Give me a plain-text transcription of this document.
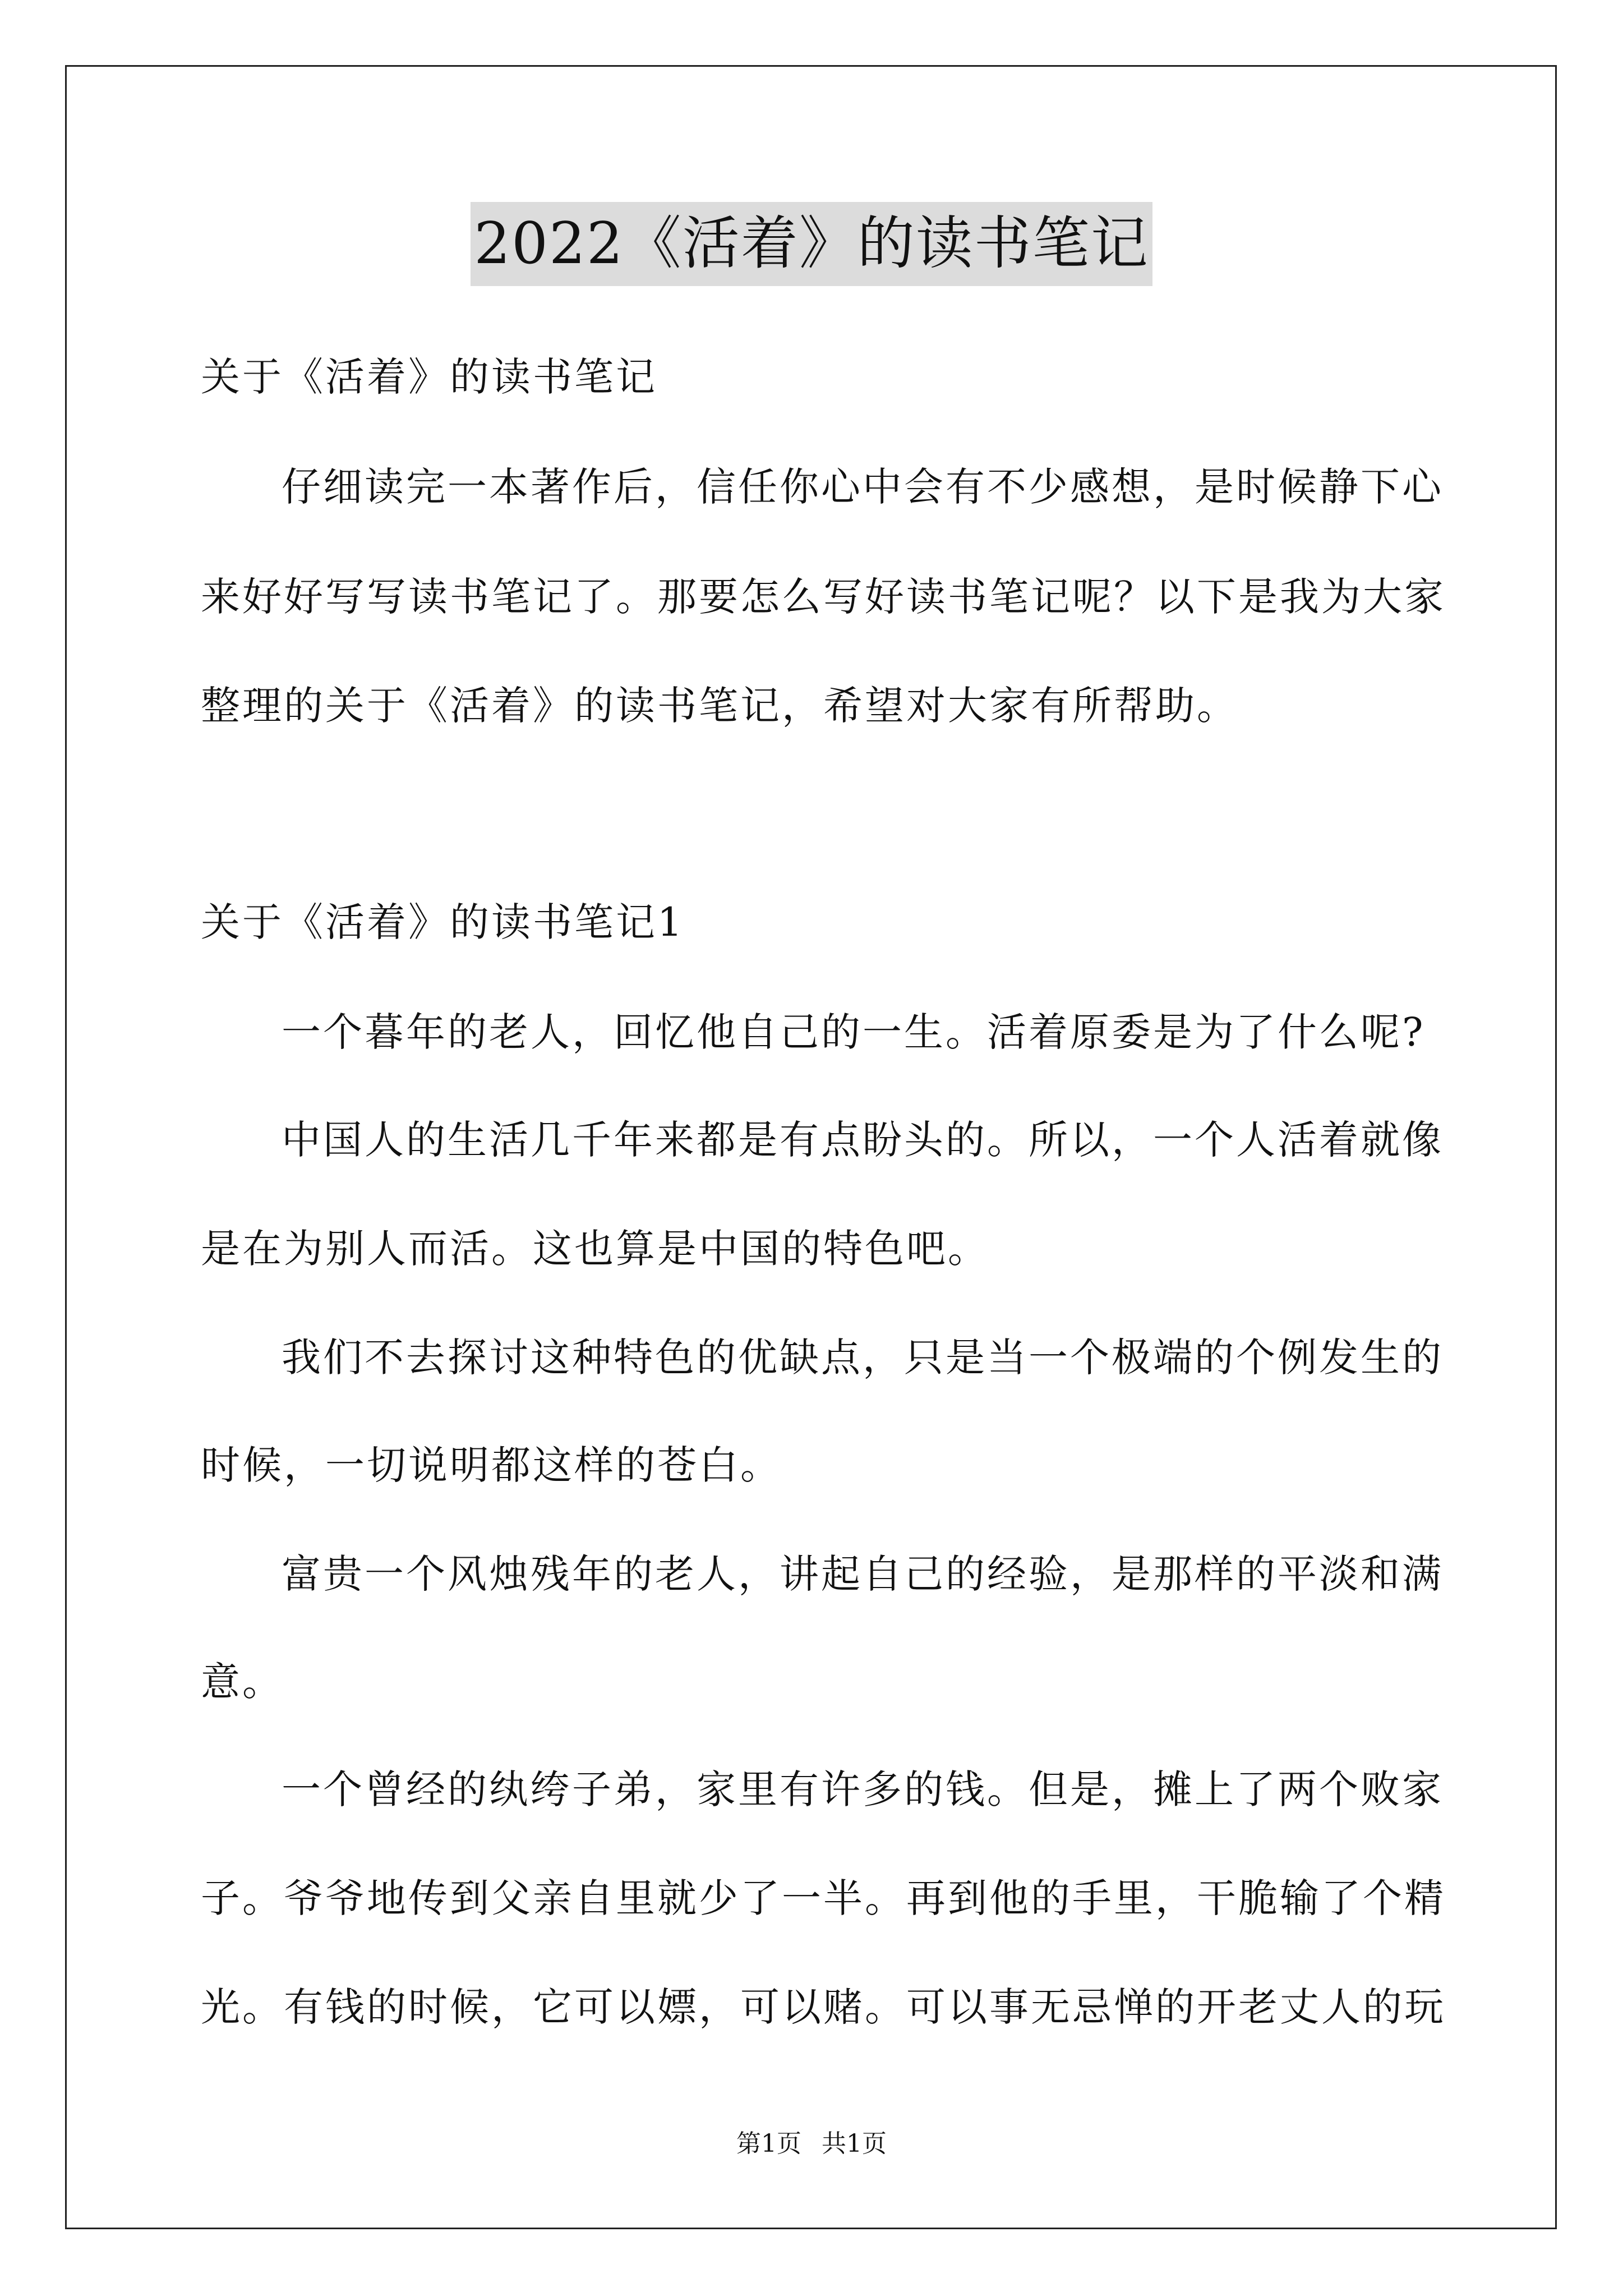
2022《活着》的读书笔记
关于《活着》的读书笔记
仔细读完一本著作后，信任你心中会有不少感想，是时候静下心
来好好写写读书笔记了。那要怎么写好读书笔记呢？以下是我为大家
整理的关于《活着》的读书笔记，希望对大家有所帮助。
关于《活着》的读书笔记1
一个暮年的老人，回忆他自己的一生。活着原委是为了什么呢?
中国人的生活几千年来都是有点盼头的。所以，一个人活着就像
是在为别人而活。这也算是中国的特色吧。
我们不去探讨这种特色的优缺点，只是当一个极端的个例发生的
时候，一切说明都这样的苍白。
富贵一个风烛残年的老人，讲起自己的经验，是那样的平淡和满
意。
一个曾经的纨绔子弟，家里有许多的钱。但是，摊上了两个败家
子。爷爷地传到父亲自里就少了一半。再到他的手里，干脆输了个精
光。有钱的时候，它可以嫖，可以赌。可以事无忌惮的开老丈人的玩
第1页 共1页
